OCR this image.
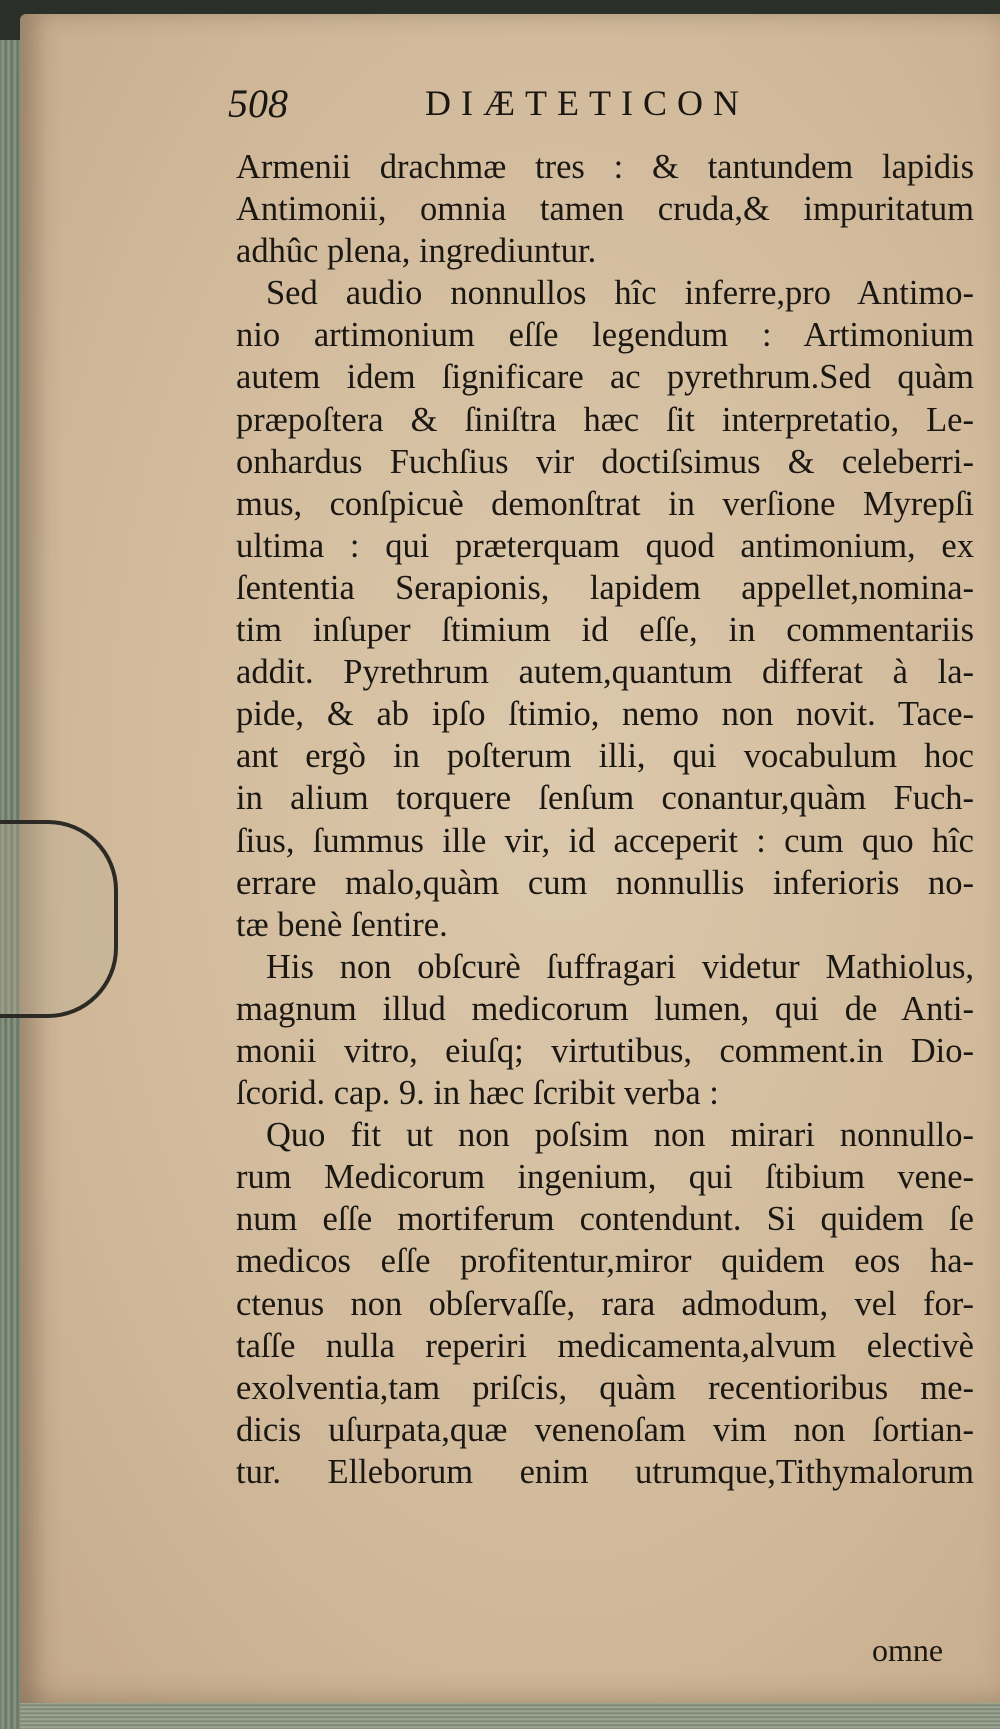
508	DIÆTETICON
Armenii drachmæ tres : & tantundem lapidis
Antimonii, omnia tamen cruda,& impuritatum
adhûc plena, ingrediuntur.
Sed audio nonnullos hîc inferre,pro Antimo-
nio artimonium eſſe legendum : Artimonium
autem idem ſignificare ac pyrethrum.Sed quàm
præpoſtera & ſiniſtra hæc ſit interpretatio, Le-
onhardus Fuchſius vir doctiſsimus & celeberri-
mus, conſpicuè demonſtrat in verſione Myrepſi
ultima : qui præterquam quod antimonium, ex
ſententia Serapionis, lapidem appellet,nomina-
tim inſuper ſtimium id eſſe, in commentariis
addit. Pyrethrum autem,quantum differat à la-
pide, & ab ipſo ſtimio, nemo non novit. Tace-
ant ergò in poſterum illi, qui vocabulum hoc
in alium torquere ſenſum conantur,quàm Fuch-
ſius, ſummus ille vir, id acceperit : cum quo hîc
errare malo,quàm cum nonnullis inferioris no-
tæ benè ſentire.
His non obſcurè ſuffragari videtur Mathiolus,
magnum illud medicorum lumen, qui de Anti-
monii vitro, eiuſq; virtutibus, comment.in Dio-
ſcorid. cap. 9. in hæc ſcribit verba :
Quo fit ut non poſsim non mirari nonnullo-
rum Medicorum ingenium, qui ſtibium vene-
num eſſe mortiferum contendunt. Si quidem ſe
medicos eſſe profitentur,miror quidem eos ha-
ctenus non obſervaſſe, rara admodum, vel for-
taſſe nulla reperiri medicamenta,alvum electivè
exolventia,tam priſcis, quàm recentioribus me-
dicis uſurpata,quæ venenoſam vim non ſortian-
tur. Elleborum enim utrumque,Tithymalorum
omne
